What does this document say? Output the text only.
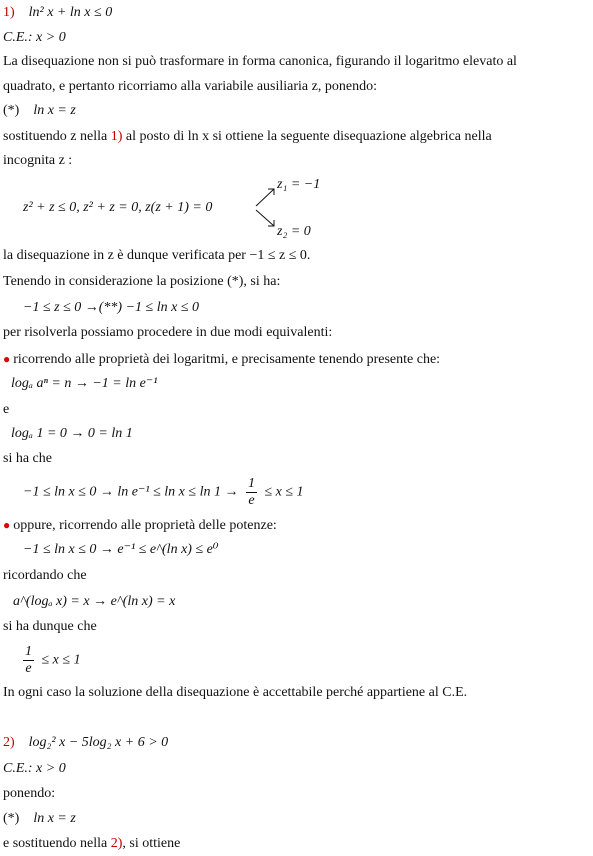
1) ln² x + ln x ≤ 0
C.E.: x > 0
La disequazione non si può trasformare in forma canonica, figurando il logaritmo elevato al
quadrato, e pertanto ricorriamo alla variabile ausiliaria z, ponendo:
(*) ln x = z
sostituendo z nella 1) al posto di ln x si ottiene la seguente disequazione algebrica nella
incognita z :
z² + z ≤ 0, z² + z = 0, z(z + 1) = 0
z₁ = −1
z₂ = 0
la disequazione in z è dunque verificata per −1 ≤ z ≤ 0.
Tenendo in considerazione la posizione (*), si ha:
−1 ≤ z ≤ 0 →(**) −1 ≤ ln x ≤ 0
per risolverla possiamo procedere in due modi equivalenti:
● ricorrendo alle proprietà dei logaritmi, e precisamente tenendo presente che:
logₐ aⁿ = n → −1 = ln e⁻¹
e
logₐ 1 = 0 → 0 = ln 1
si ha che
$-1 \le \ln x \le 0 \to \ln e^{-1} \le \ln x \le \ln 1 \to \frac{1}{e} \le x \le 1$
● oppure, ricorrendo alle proprietà delle potenze:
−1 ≤ ln x ≤ 0 → e⁻¹ ≤ e^(ln x) ≤ e⁰
ricordando che
a^(logₐ x) = x → e^(ln x) = x
si ha dunque che
$\frac{1}{e} \le x \le 1$
In ogni caso la soluzione della disequazione è accettabile perché appartiene al C.E.
2) log₂² x − 5log₂ x + 6 > 0
C.E.: x > 0
ponendo:
(*) ln x = z
e sostituendo nella 2), si ottiene
